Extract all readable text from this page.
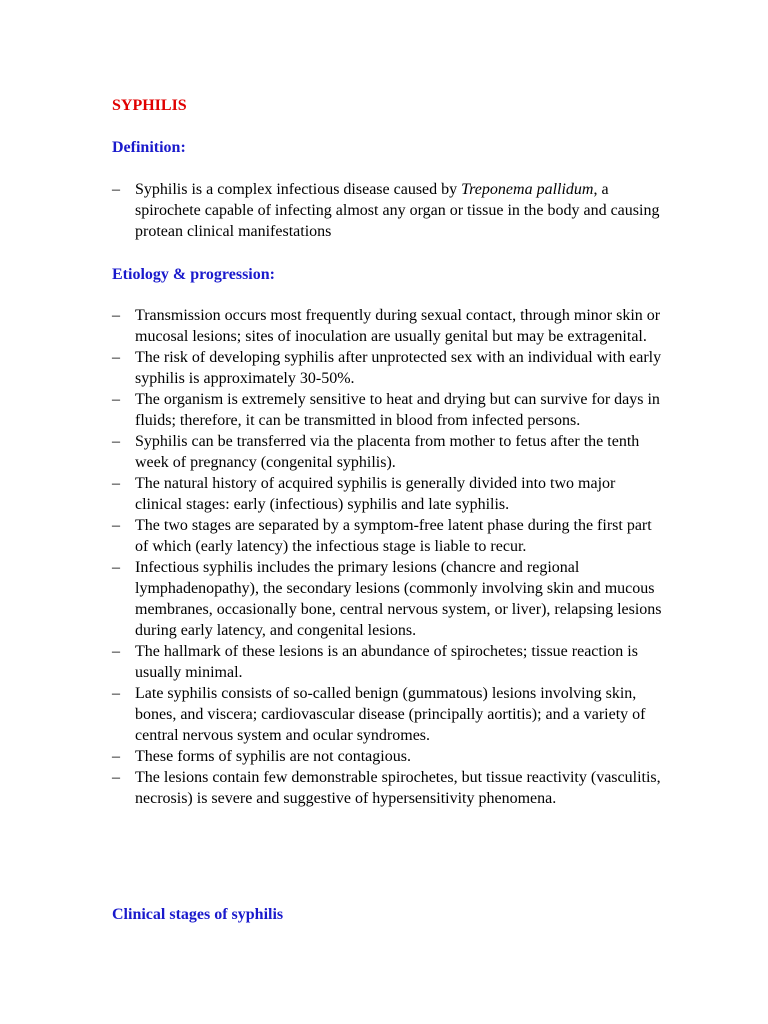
SYPHILIS
Definition:
– Syphilis is a complex infectious disease caused by Treponema pallidum, a spirochete capable of infecting almost any organ or tissue in the body and causing protean clinical manifestations
Etiology & progression:
– Transmission occurs most frequently during sexual contact, through minor skin or mucosal lesions; sites of inoculation are usually genital but may be extragenital.
– The risk of developing syphilis after unprotected sex with an individual with early syphilis is approximately 30-50%.
– The organism is extremely sensitive to heat and drying but can survive for days in fluids; therefore, it can be transmitted in blood from infected persons.
– Syphilis can be transferred via the placenta from mother to fetus after the tenth week of pregnancy (congenital syphilis).
– The natural history of acquired syphilis is generally divided into two major clinical stages: early (infectious) syphilis and late syphilis.
– The two stages are separated by a symptom-free latent phase during the first part of which (early latency) the infectious stage is liable to recur.
– Infectious syphilis includes the primary lesions (chancre and regional lymphadenopathy), the secondary lesions (commonly involving skin and mucous membranes, occasionally bone, central nervous system, or liver), relapsing lesions during early latency, and congenital lesions.
– The hallmark of these lesions is an abundance of spirochetes; tissue reaction is usually minimal.
– Late syphilis consists of so-called benign (gummatous) lesions involving skin, bones, and viscera; cardiovascular disease (principally aortitis); and a variety of central nervous system and ocular syndromes.
– These forms of syphilis are not contagious.
– The lesions contain few demonstrable spirochetes, but tissue reactivity (vasculitis, necrosis) is severe and suggestive of hypersensitivity phenomena.
Clinical stages of syphilis
